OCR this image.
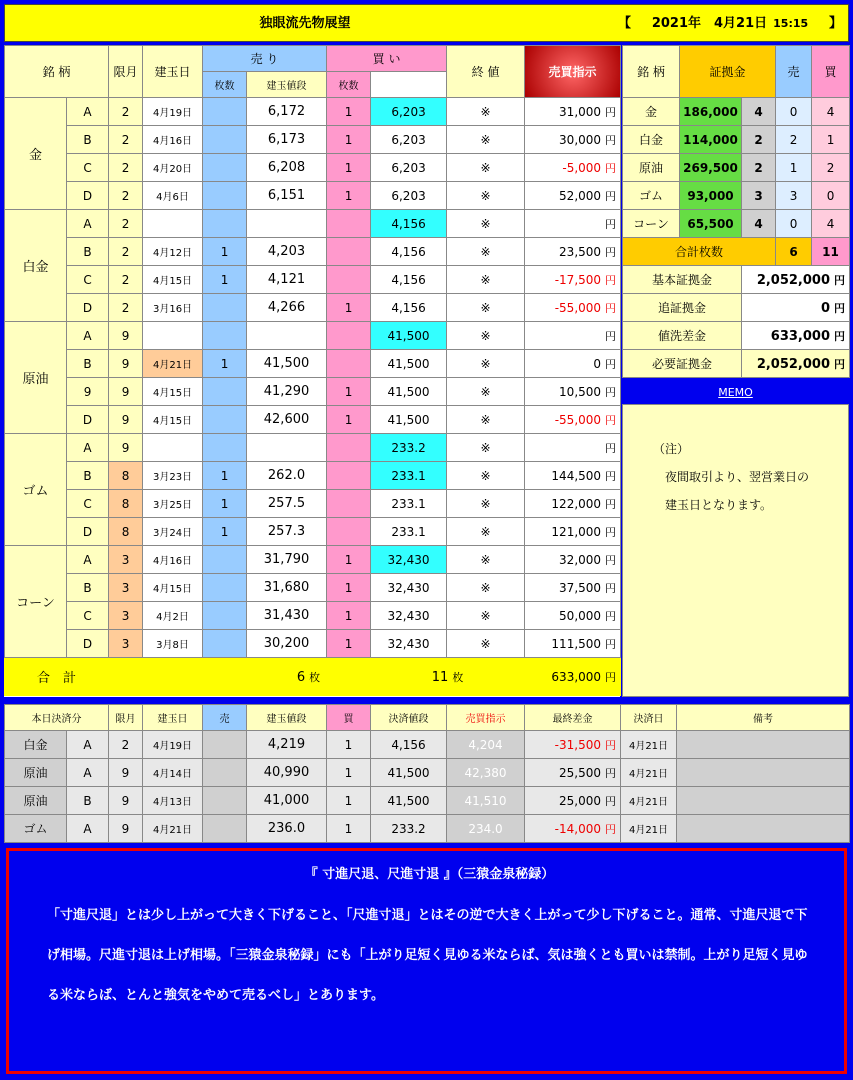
独眼流先物展望	【 2021年　4月21日 15:15 】
銘 柄		限月	建玉日	売 り		買 い		終 値	売買指示	
				枚数	建玉値段	枚数				
金	A	2	4月19日		6,172	1	6,203	※	31,000 円	
	B	2	4月16日		6,173	1	6,203	※	30,000 円	
	C	2	4月20日		6,208	1	6,203	※	-5,000 円	
	D	2	4月6日		6,151	1	6,203	※	52,000 円	
白金	A	2					4,156	※	円	
	B	2	4月12日	1	4,203		4,156	※	23,500 円	
	C	2	4月15日	1	4,121		4,156	※	-17,500 円	
	D	2	3月16日		4,266	1	4,156	※	-55,000 円	
原油	A	9					41,500	※	円	
	B	9	4月21日	1	41,500		41,500	※	0 円	
	9	9	4月15日		41,290	1	41,500	※	10,500 円	
	D	9	4月15日		42,600	1	41,500	※	-55,000 円	
ゴム	A	9					233.2	※	円	
	B	8	3月23日	1	262.0		233.1	※	144,500 円	
	C	8	3月25日	1	257.5		233.1	※	122,000 円	
	D	8	3月24日	1	257.3		233.1	※	121,000 円	
コーン	A	3	4月16日		31,790	1	32,430	※	32,000 円	
	B	3	4月15日		31,680	1	32,430	※	37,500 円	
	C	3	4月2日		31,430	1	32,430	※	50,000 円	
	D	3	3月8日		30,200	1	32,430	※	111,500 円	
合　計					6 枚		11 枚		633,000 円	
銘 柄	証拠金		売	買
金	186,000	4	0	4
白金	114,000	2	2	1
原油	269,500	2	1	2
ゴム	93,000	3	3	0
コーン	65,500	4	0	4
合計枚数			6	11
基本証拠金		2,052,000 円		
追証拠金		0 円		
値洗差金		633,000 円		
必要証拠金		2,052,000 円		
MEMO
（注）
　夜間取引より、翌営業日の
　建玉日となります。
本日決済分		限月	建玉日	売	建玉値段	買	決済値段	売買指示	最終差金	決済日	備考
白金	A	2	4月19日		4,219	1	4,156	4,204	-31,500 円	4月21日	
原油	A	9	4月14日		40,990	1	41,500	42,380	25,500 円	4月21日	
原油	B	9	4月13日		41,000	1	41,500	41,510	25,000 円	4月21日	
ゴム	A	9	4月21日		236.0	1	233.2	234.0	-14,000 円	4月21日	
『 寸進尺退、尺進寸退 』（三猿金泉秘録）
「寸進尺退」とは少し上がって大きく下げること、「尺進寸退」とはその逆で大きく上がって少し下げること。通常、寸進尺退で下げ相場。尺進寸退は上げ相場。「三猿金泉秘録」にも「上がり足短く見ゆる米ならば、気は強くとも買いは禁制。上がり足短く見ゆる米ならば、とんと強気をやめて売るべし」とあります。
